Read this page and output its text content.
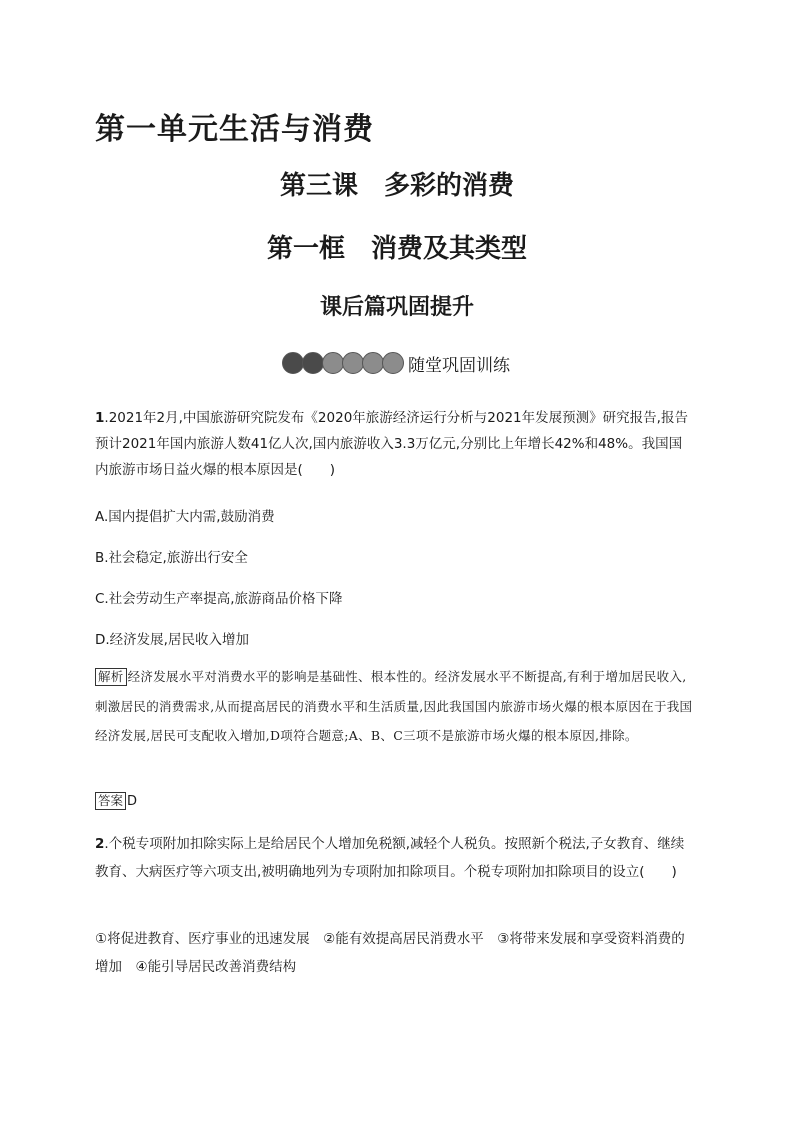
第一单元生活与消费
第三课　多彩的消费
第一框　消费及其类型
课后篇巩固提升
随堂巩固训练
1.2021年2月,中国旅游研究院发布《2020年旅游经济运行分析与2021年发展预测》研究报告,报告预计2021年国内旅游人数41亿人次,国内旅游收入3.3万亿元,分别比上年增长42%和48%。我国国内旅游市场日益火爆的根本原因是(　　)
A.国内提倡扩大内需,鼓励消费
B.社会稳定,旅游出行安全
C.社会劳动生产率提高,旅游商品价格下降
D.经济发展,居民收入增加
解析 经济发展水平对消费水平的影响是基础性、根本性的。经济发展水平不断提高,有利于增加居民收入,刺激居民的消费需求,从而提高居民的消费水平和生活质量,因此我国国内旅游市场火爆的根本原因在于我国经济发展,居民可支配收入增加,D项符合题意;A、B、C三项不是旅游市场火爆的根本原因,排除。
答案 D
2.个税专项附加扣除实际上是给居民个人增加免税额,减轻个人税负。按照新个税法,子女教育、继续教育、大病医疗等六项支出,被明确地列为专项附加扣除项目。个税专项附加扣除项目的设立(　　)
①将促进教育、医疗事业的迅速发展　②能有效提高居民消费水平　③将带来发展和享受资料消费的增加　④能引导居民改善消费结构
